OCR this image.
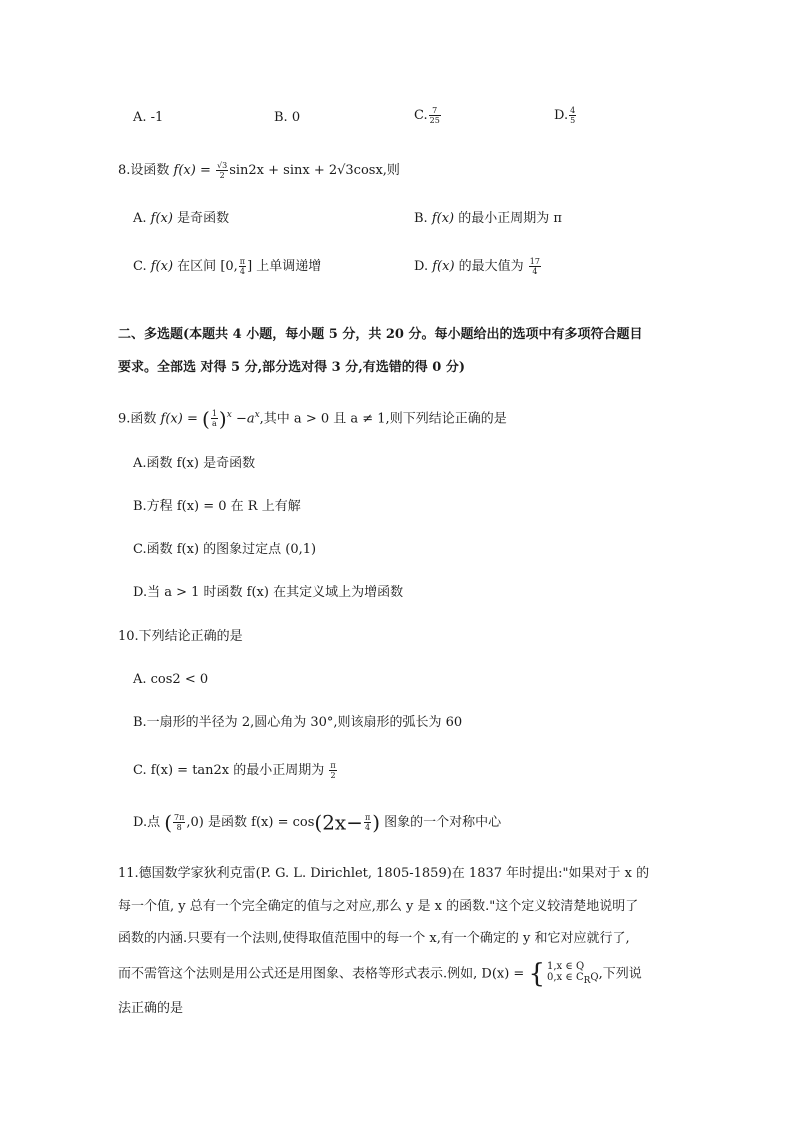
A. -1	B. 0	C. $\frac{7}{25}$	D. $\frac{4}{5}$
8.设函数 $f(x) = \frac{√3}{2} \sin 2x + \sin x + 2√3\cos x$,则
A. f(x) 是奇函数	B. f(x) 的最小正周期为 π
C. f(x) 在区间 [0, $\frac{\pi}{4}$ ] 上单调递增	D. f(x) 的最大值为 $\frac{17}{4}$
二、多选题(本题共 4 小题，每小题 5 分，共 20 分。每小题给出的选项中有多项符合题目
要求。全部选 对得 5 分,部分选对得 3 分,有选错的得 0 分)
9.函数 f(x) = ( $\frac{1}{a} )^x -a^x$,其中 a > 0 且 a ≠ 1,则下列结论正确的是
A.函数 f(x) 是奇函数
B.方程 f(x) = 0 在 R 上有解
C.函数 f(x) 的图象过定点 (0,1)
D.当 a > 1 时函数 f(x) 在其定义域上为增函数
10.下列结论正确的是
A. cos2 < 0
B.一扇形的半径为 2,圆心角为 30°,则该扇形的弧长为 60
C. f(x) = tan2x 的最小正周期为 $\frac{\pi}{2}$
D.点 ( $\frac{7\pi}{8} ,0$) 是函数 $f(x) = \cos(2x- \frac{\pi}{4}$ ) 图象的一个对称中心
11.德国数学家狄利克雷(P. G. L. Dirichlet, 1805-1859)在 1837 年时提出:"如果对于 x 的
每一个值, y 总有一个完全确定的值与之对应,那么 y 是 x 的函数."这个定义较清楚地说明了
函数的内涵.只要有一个法则,使得取值范围中的每一个 x,有一个确定的 y 和它对应就行了,
而不需管这个法则是用公式还是用图象、表格等形式表示.例如, D(x) = { 1,x ∈ Q
0,x ∈ CRQ ,下列说
法正确的是
